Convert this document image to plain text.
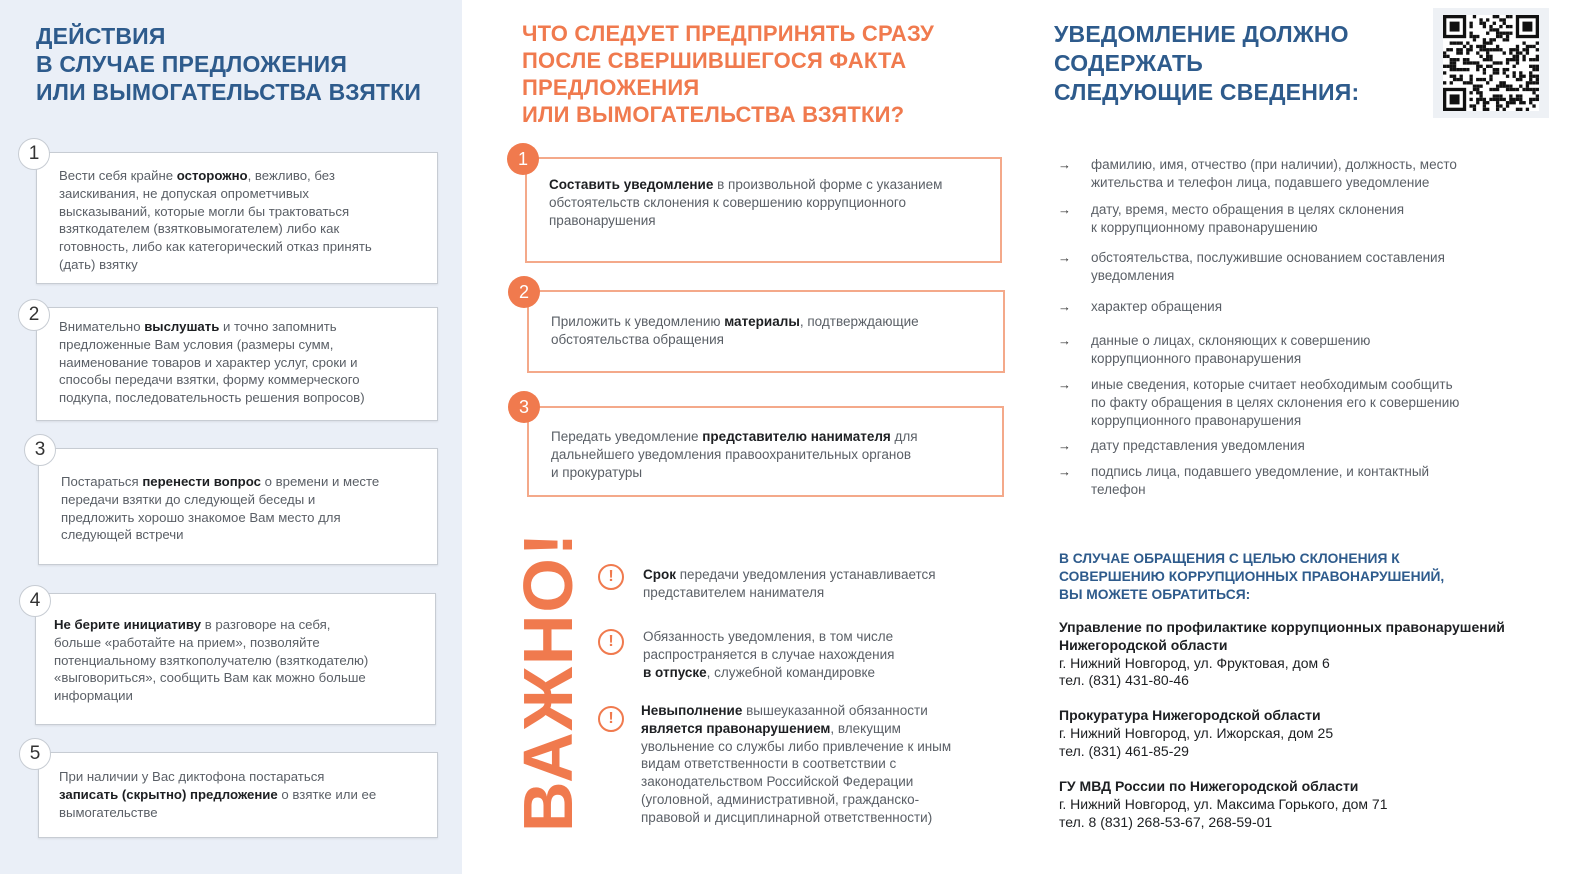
ДЕЙСТВИЯ
В СЛУЧАЕ ПРЕДЛОЖЕНИЯ
ИЛИ ВЫМОГАТЕЛЬСТВА ВЗЯТКИ
Вести себя крайне осторожно, вежливо, без
заискивания, не допуская опрометчивых
высказываний, которые могли бы трактоваться
взяткодателем (взятковымогателем) либо как
готовность, либо как категорический отказ принять
(дать) взятку
1
Внимательно выслушать и точно запомнить
предложенные Вам условия (размеры сумм,
наименование товаров и характер услуг, сроки и
способы передачи взятки, форму коммерческого
подкупа, последовательность решения вопросов)
2
Постараться перенести вопрос о времени и месте
передачи взятки до следующей беседы и
предложить хорошо знакомое Вам место для
следующей встречи
3
Не берите инициативу в разговоре на себя,
больше «работайте на прием», позволяйте
потенциальному взяткополучателю (взяткодателю)
«выговориться», сообщить Вам как можно больше
информации
4
При наличии у Вас диктофона постараться
записать (скрытно) предложение о взятке или ее
вымогательстве
5
ЧТО СЛЕДУЕТ ПРЕДПРИНЯТЬ СРАЗУ
ПОСЛЕ СВЕРШИВШЕГОСЯ ФАКТА
ПРЕДЛОЖЕНИЯ
ИЛИ ВЫМОГАТЕЛЬСТВА ВЗЯТКИ?
Составить уведомление в произвольной форме с указанием
обстоятельств склонения к совершению коррупционного
правонарушения
1
Приложить к уведомлению материалы, подтверждающие
обстоятельства обращения
2
Передать уведомление представителю нанимателя для
дальнейшего уведомления правоохранительных органов
и прокуратуры
3
ВАЖНО!	!	Срок передачи уведомления устанавливается
представителем нанимателя
!	Обязанность уведомления, в том числе
распространяется в случае нахождения
в отпуске, служебной командировке
!	Невыполнение вышеуказанной обязанности
является правонарушением, влекущим
увольнение со службы либо привлечение к иным
видам ответственности в соответствии с
законодательством Российской Федерации
(уголовной, административной, гражданско-
правовой и дисциплинарной ответственности)
УВЕДОМЛЕНИЕ ДОЛЖНО
СОДЕРЖАТЬ
СЛЕДУЮЩИЕ СВЕДЕНИЯ:
→ фамилию, имя, отчество (при наличии), должность, место
жительства и телефон лица, подавшего уведомление
→ дату, время, место обращения в целях склонения
к коррупционному правонарушению
→ обстоятельства, послужившие основанием составления
уведомления
→ характер обращения
→ данные о лицах, склоняющих к совершению
коррупционного правонарушения
→ иные сведения, которые считает необходимым сообщить
по факту обращения в целях склонения его к совершению
коррупционного правонарушения
→ дату представления уведомления
→ подпись лица, подавшего уведомление, и контактный
телефон
В СЛУЧАЕ ОБРАЩЕНИЯ С ЦЕЛЬЮ СКЛОНЕНИЯ К
СОВЕРШЕНИЮ КОРРУПЦИОННЫХ ПРАВОНАРУШЕНИЙ,
ВЫ МОЖЕТЕ ОБРАТИТЬСЯ:
Управление по профилактике коррупционных правонарушений
Нижегородской области
г. Нижний Новгород, ул. Фруктовая, дом 6
тел. (831) 431-80-46
Прокуратура Нижегородской области
г. Нижний Новгород, ул. Ижорская, дом 25
тел. (831) 461-85-29
ГУ МВД России по Нижегородской области
г. Нижний Новгород, ул. Максима Горького, дом 71
тел. 8 (831) 268-53-67, 268-59-01
